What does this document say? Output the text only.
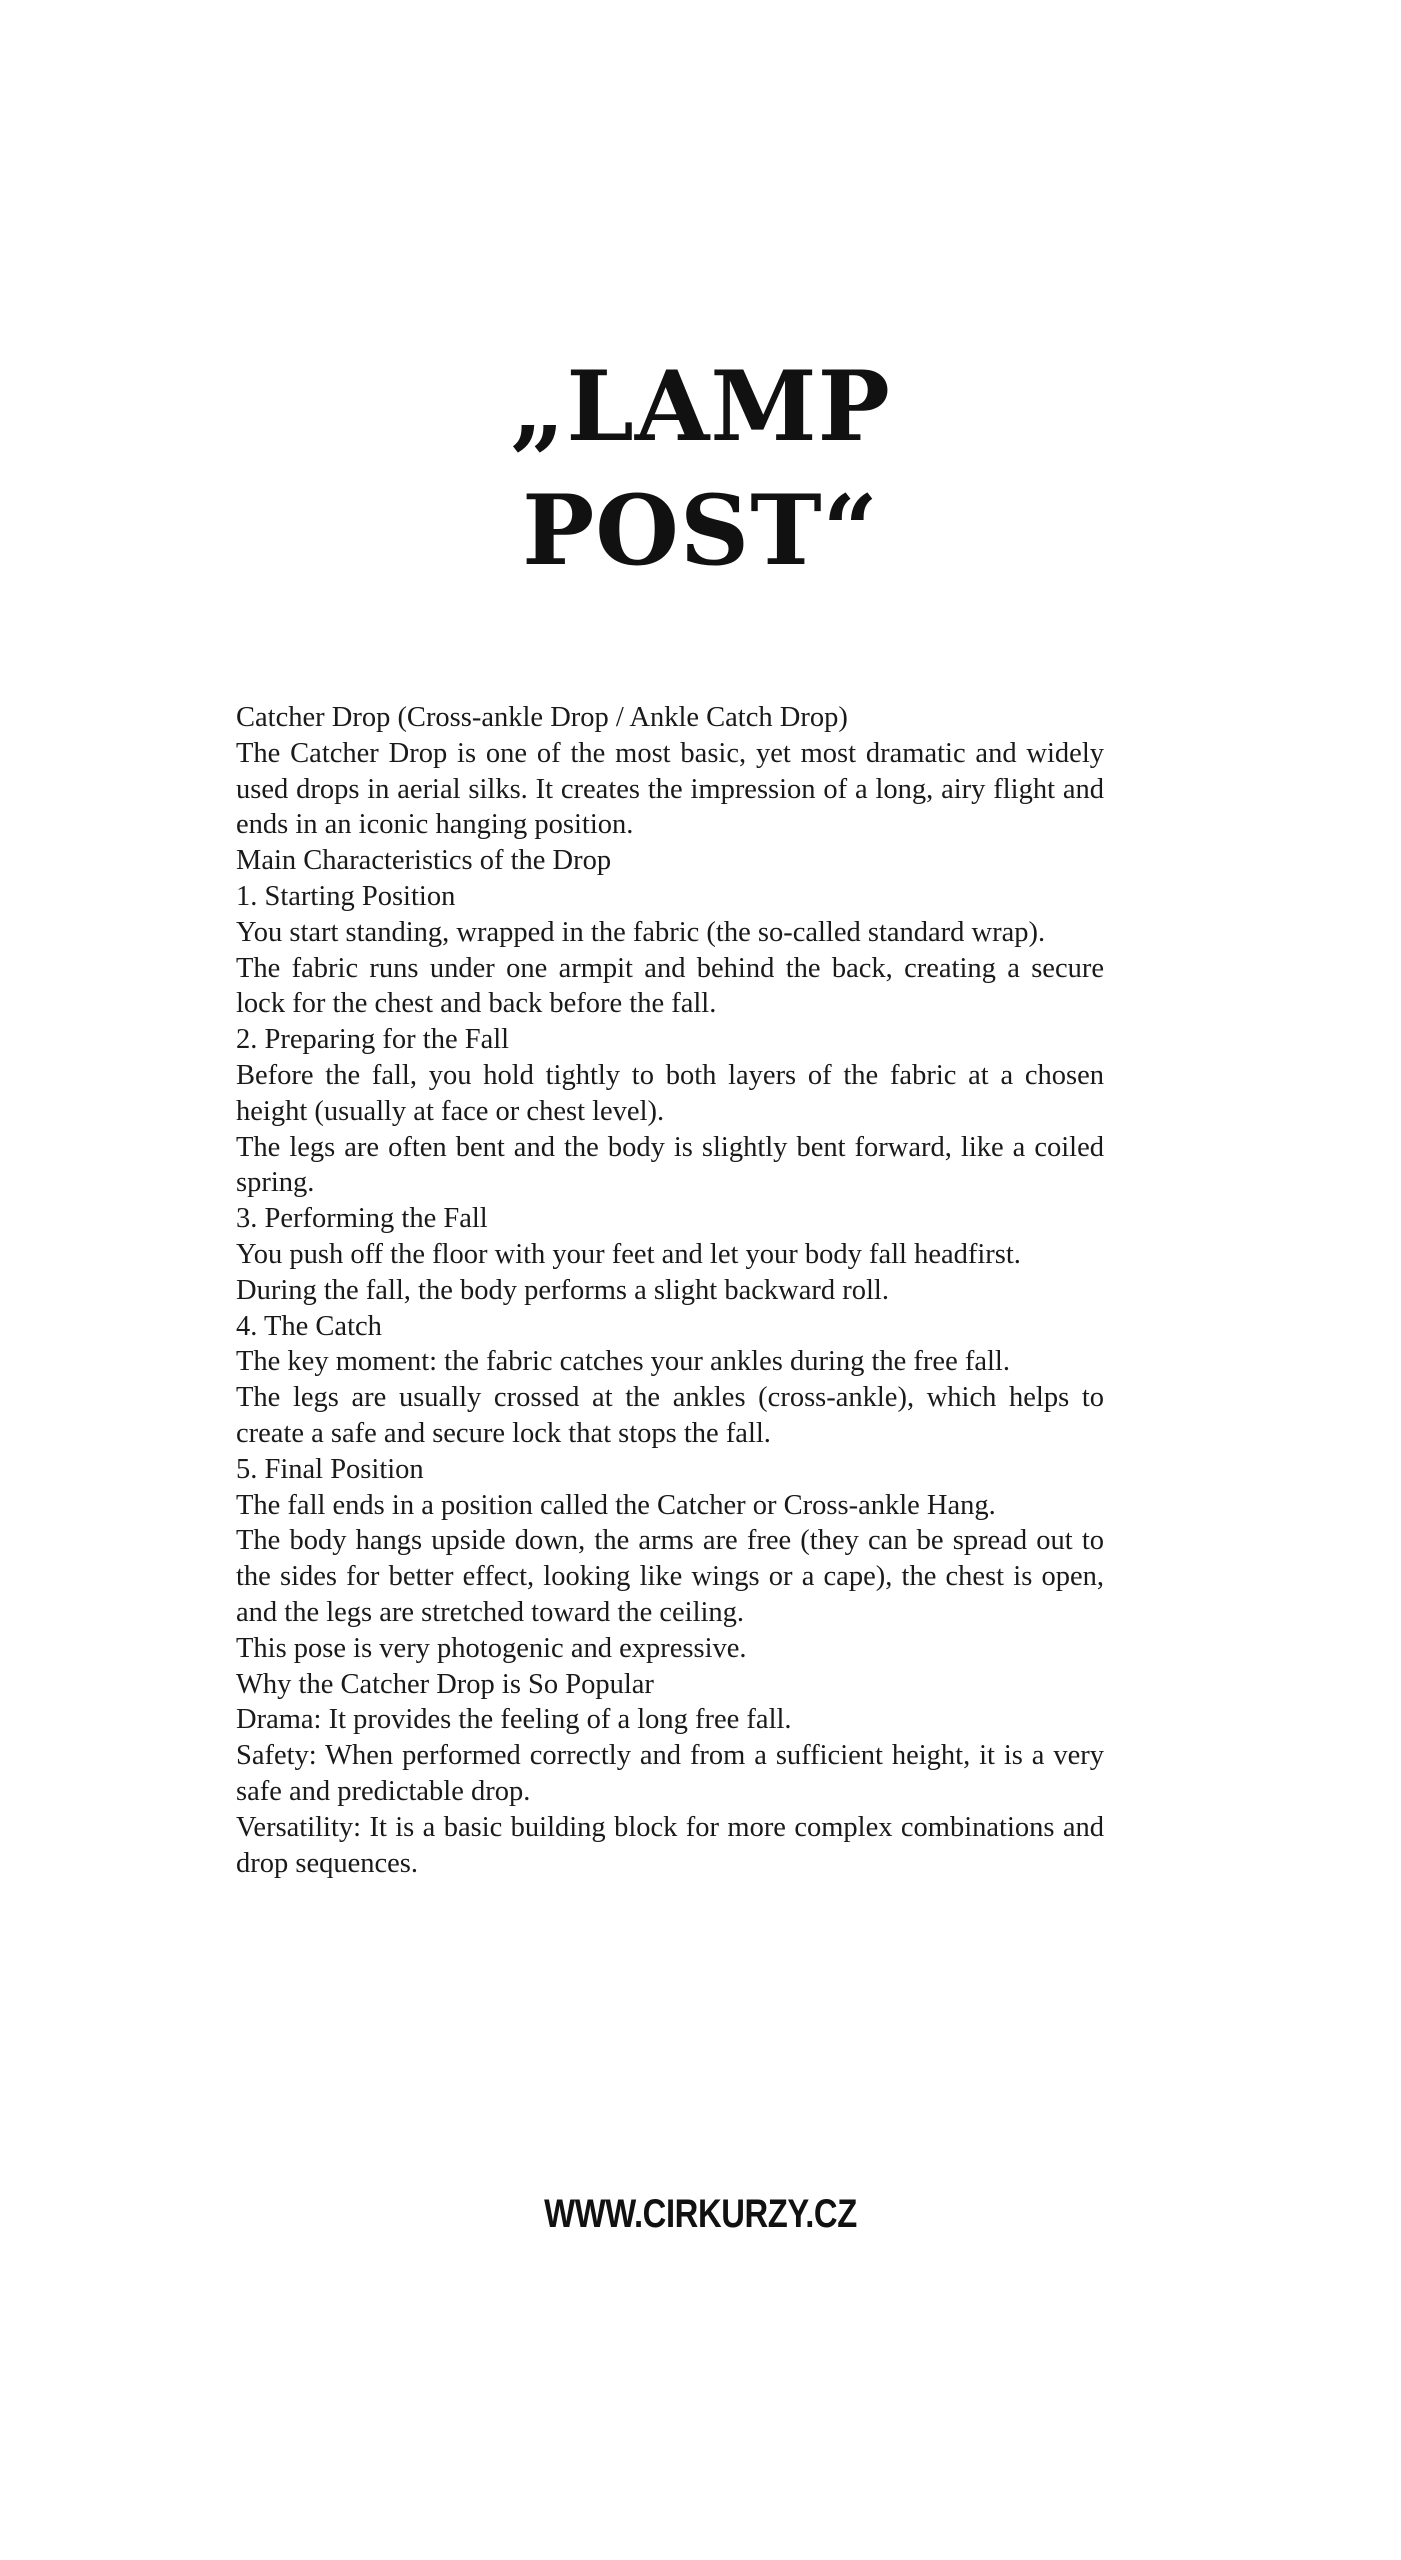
„LAMP
POST“

Catcher Drop (Cross-ankle Drop / Ankle Catch Drop)

The Catcher Drop is one of the most basic, yet most dramatic and widely used drops in aerial silks. It creates the impression of a long, airy flight and ends in an iconic hanging position.

Main Characteristics of the Drop

1. Starting Position

You start standing, wrapped in the fabric (the so-called standard wrap).

The fabric runs under one armpit and behind the back, creating a secure lock for the chest and back before the fall.

2. Preparing for the Fall

Before the fall, you hold tightly to both layers of the fabric at a chosen height (usually at face or chest level).

The legs are often bent and the body is slightly bent forward, like a coiled spring.

3. Performing the Fall

You push off the floor with your feet and let your body fall headfirst.

During the fall, the body performs a slight backward roll.

4. The Catch

The key moment: the fabric catches your ankles during the free fall.

The legs are usually crossed at the ankles (cross-ankle), which helps to create a safe and secure lock that stops the fall.

5. Final Position

The fall ends in a position called the Catcher or Cross-ankle Hang.

The body hangs upside down, the arms are free (they can be spread out to the sides for better effect, looking like wings or a cape), the chest is open, and the legs are stretched toward the ceiling.

This pose is very photogenic and expressive.

Why the Catcher Drop is So Popular

Drama: It provides the feeling of a long free fall.

Safety: When performed correctly and from a sufficient height, it is a very safe and predictable drop.

Versatility: It is a basic building block for more complex combinations and drop sequences.

WWW.CIRKURZY.CZ
